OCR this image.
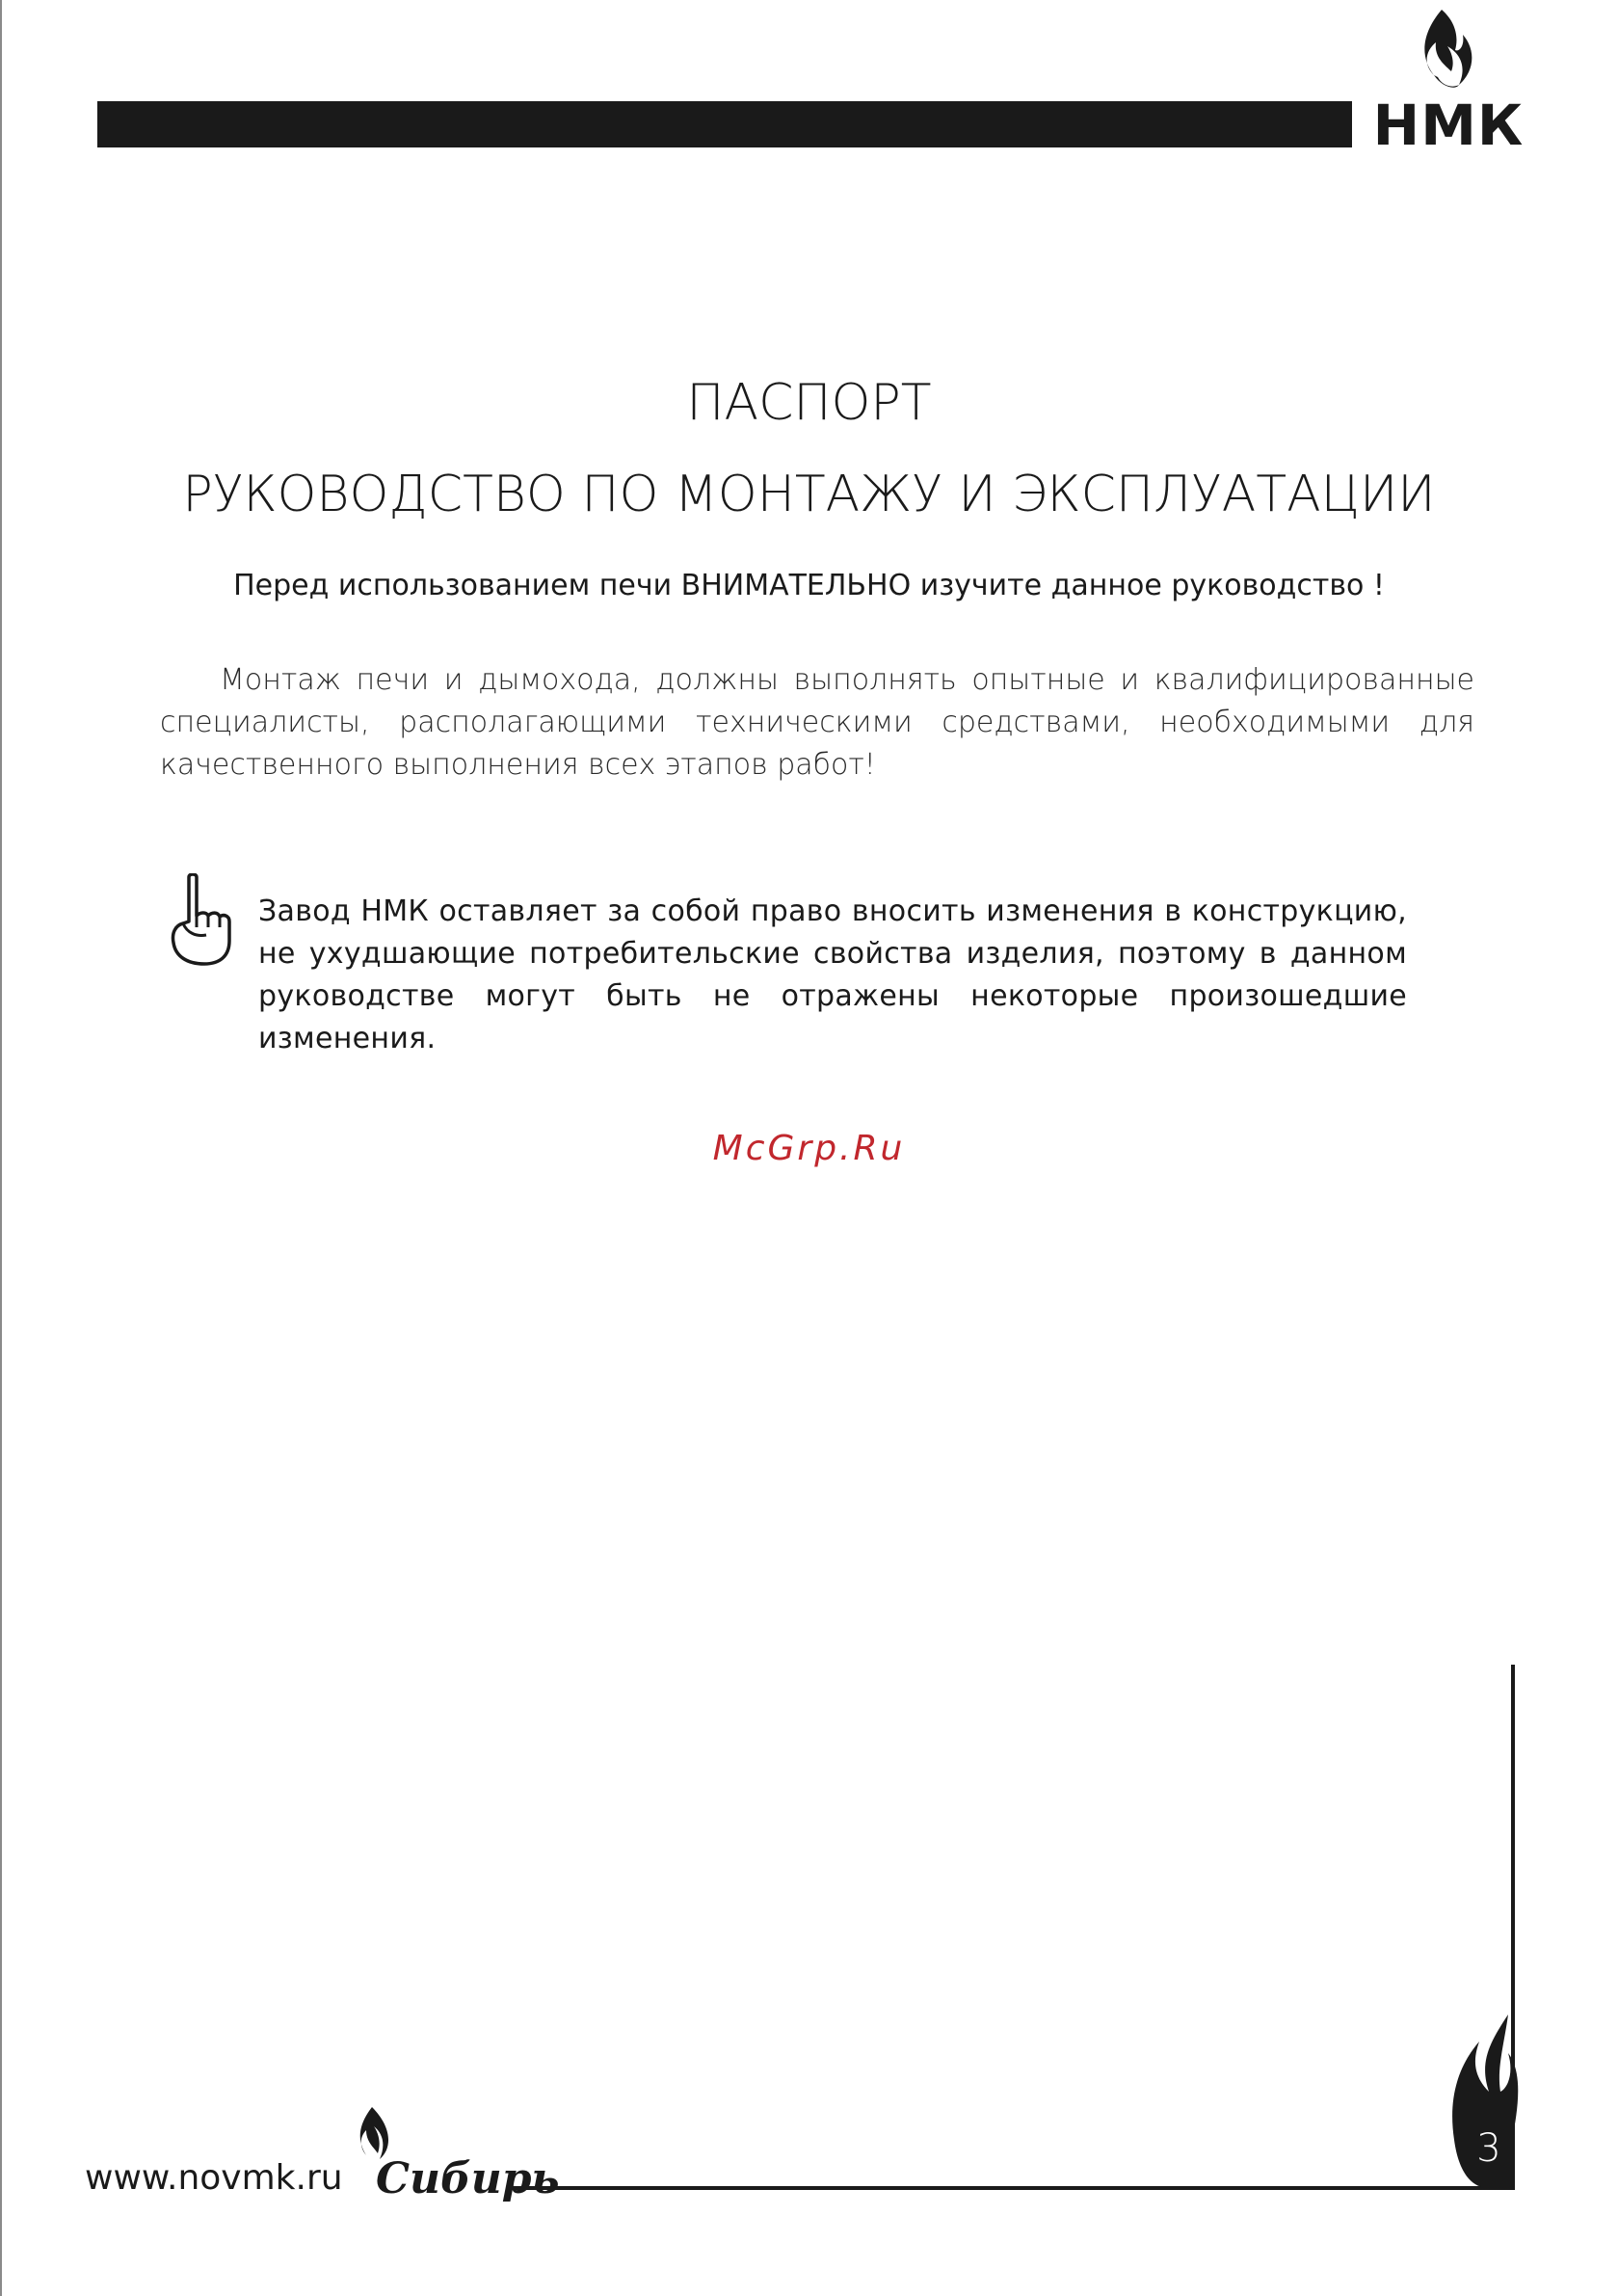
НМК
ПАСПОРТ
РУКОВОДСТВО ПО МОНТАЖУ И ЭКСПЛУАТАЦИИ
Перед использованием печи ВНИМАТЕЛЬНО изучите данное руководство !
Монтаж печи и дымохода, должны выполнять опытные и квалифицированные специалисты, располагающими техническими средствами, необходимыми для качественного выполнения всех этапов работ!
Завод НМК оставляет за собой право вносить изменения в конструкцию, не ухудшающие потребительские свойства изделия, поэтому в данном руководстве могут быть не отражены некоторые произошедшие изменения.
McGrp.Ru
3
www.novmk.ru Сибирь
